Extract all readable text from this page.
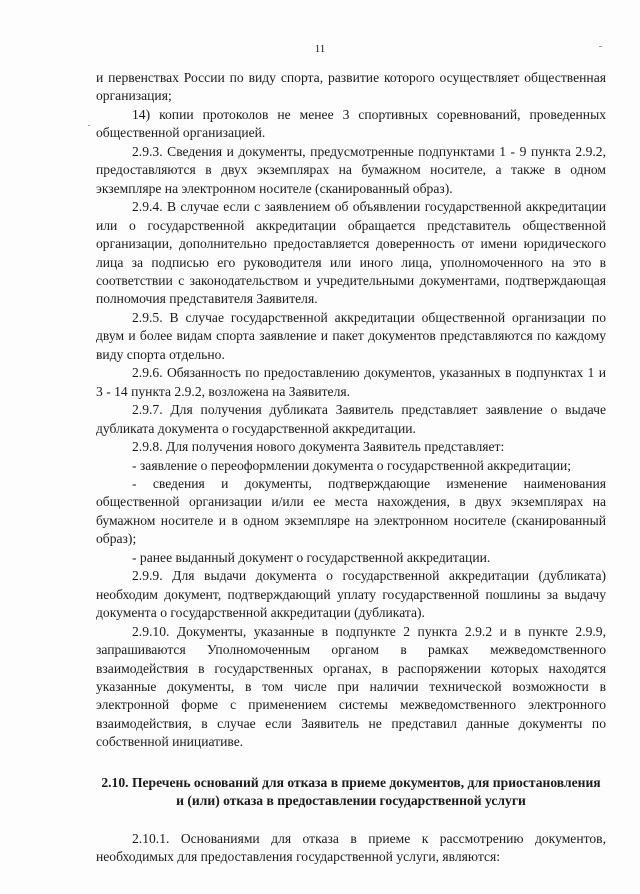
11

и первенствах России по виду спорта, развитие которого осуществляет общественная организация;

14) копии протоколов не менее 3 спортивных соревнований, проведенных общественной организацией.

2.9.3. Сведения и документы, предусмотренные подпунктами 1 - 9 пункта 2.9.2, предоставляются в двух экземплярах на бумажном носителе, а также в одном экземпляре на электронном носителе (сканированный образ).

2.9.4. В случае если с заявлением об объявлении государственной аккредитации или о государственной аккредитации обращается представитель общественной организации, дополнительно предоставляется доверенность от имени юридического лица за подписью его руководителя или иного лица, уполномоченного на это в соответствии с законодательством и учредительными документами, подтверждающая полномочия представителя Заявителя.

2.9.5. В случае государственной аккредитации общественной организации по двум и более видам спорта заявление и пакет документов представляются по каждому виду спорта отдельно.

2.9.6. Обязанность по предоставлению документов, указанных в подпунктах 1 и 3 - 14 пункта 2.9.2, возложена на Заявителя.

2.9.7. Для получения дубликата Заявитель представляет заявление о выдаче дубликата документа о государственной аккредитации.

2.9.8. Для получения нового документа Заявитель представляет:

- заявление о переоформлении документа о государственной аккредитации;

- сведения и документы, подтверждающие изменение наименования общественной организации и/или ее места нахождения, в двух экземплярах на бумажном носителе и в одном экземпляре на электронном носителе (сканированный образ);

- ранее выданный документ о государственной аккредитации.

2.9.9. Для выдачи документа о государственной аккредитации (дубликата) необходим документ, подтверждающий уплату государственной пошлины за выдачу документа о государственной аккредитации (дубликата).

2.9.10. Документы, указанные в подпункте 2 пункта 2.9.2 и в пункте 2.9.9, запрашиваются Уполномоченным органом в рамках межведомственного взаимодействия в государственных органах, в распоряжении которых находятся указанные документы, в том числе при наличии технической возможности в электронной форме с применением системы межведомственного электронного взаимодействия, в случае если Заявитель не представил данные документы по собственной инициативе.

2.10. Перечень оснований для отказа в приеме документов, для приостановления и (или) отказа в предоставлении государственной услуги

2.10.1. Основаниями для отказа в приеме к рассмотрению документов, необходимых для предоставления государственной услуги, являются:
